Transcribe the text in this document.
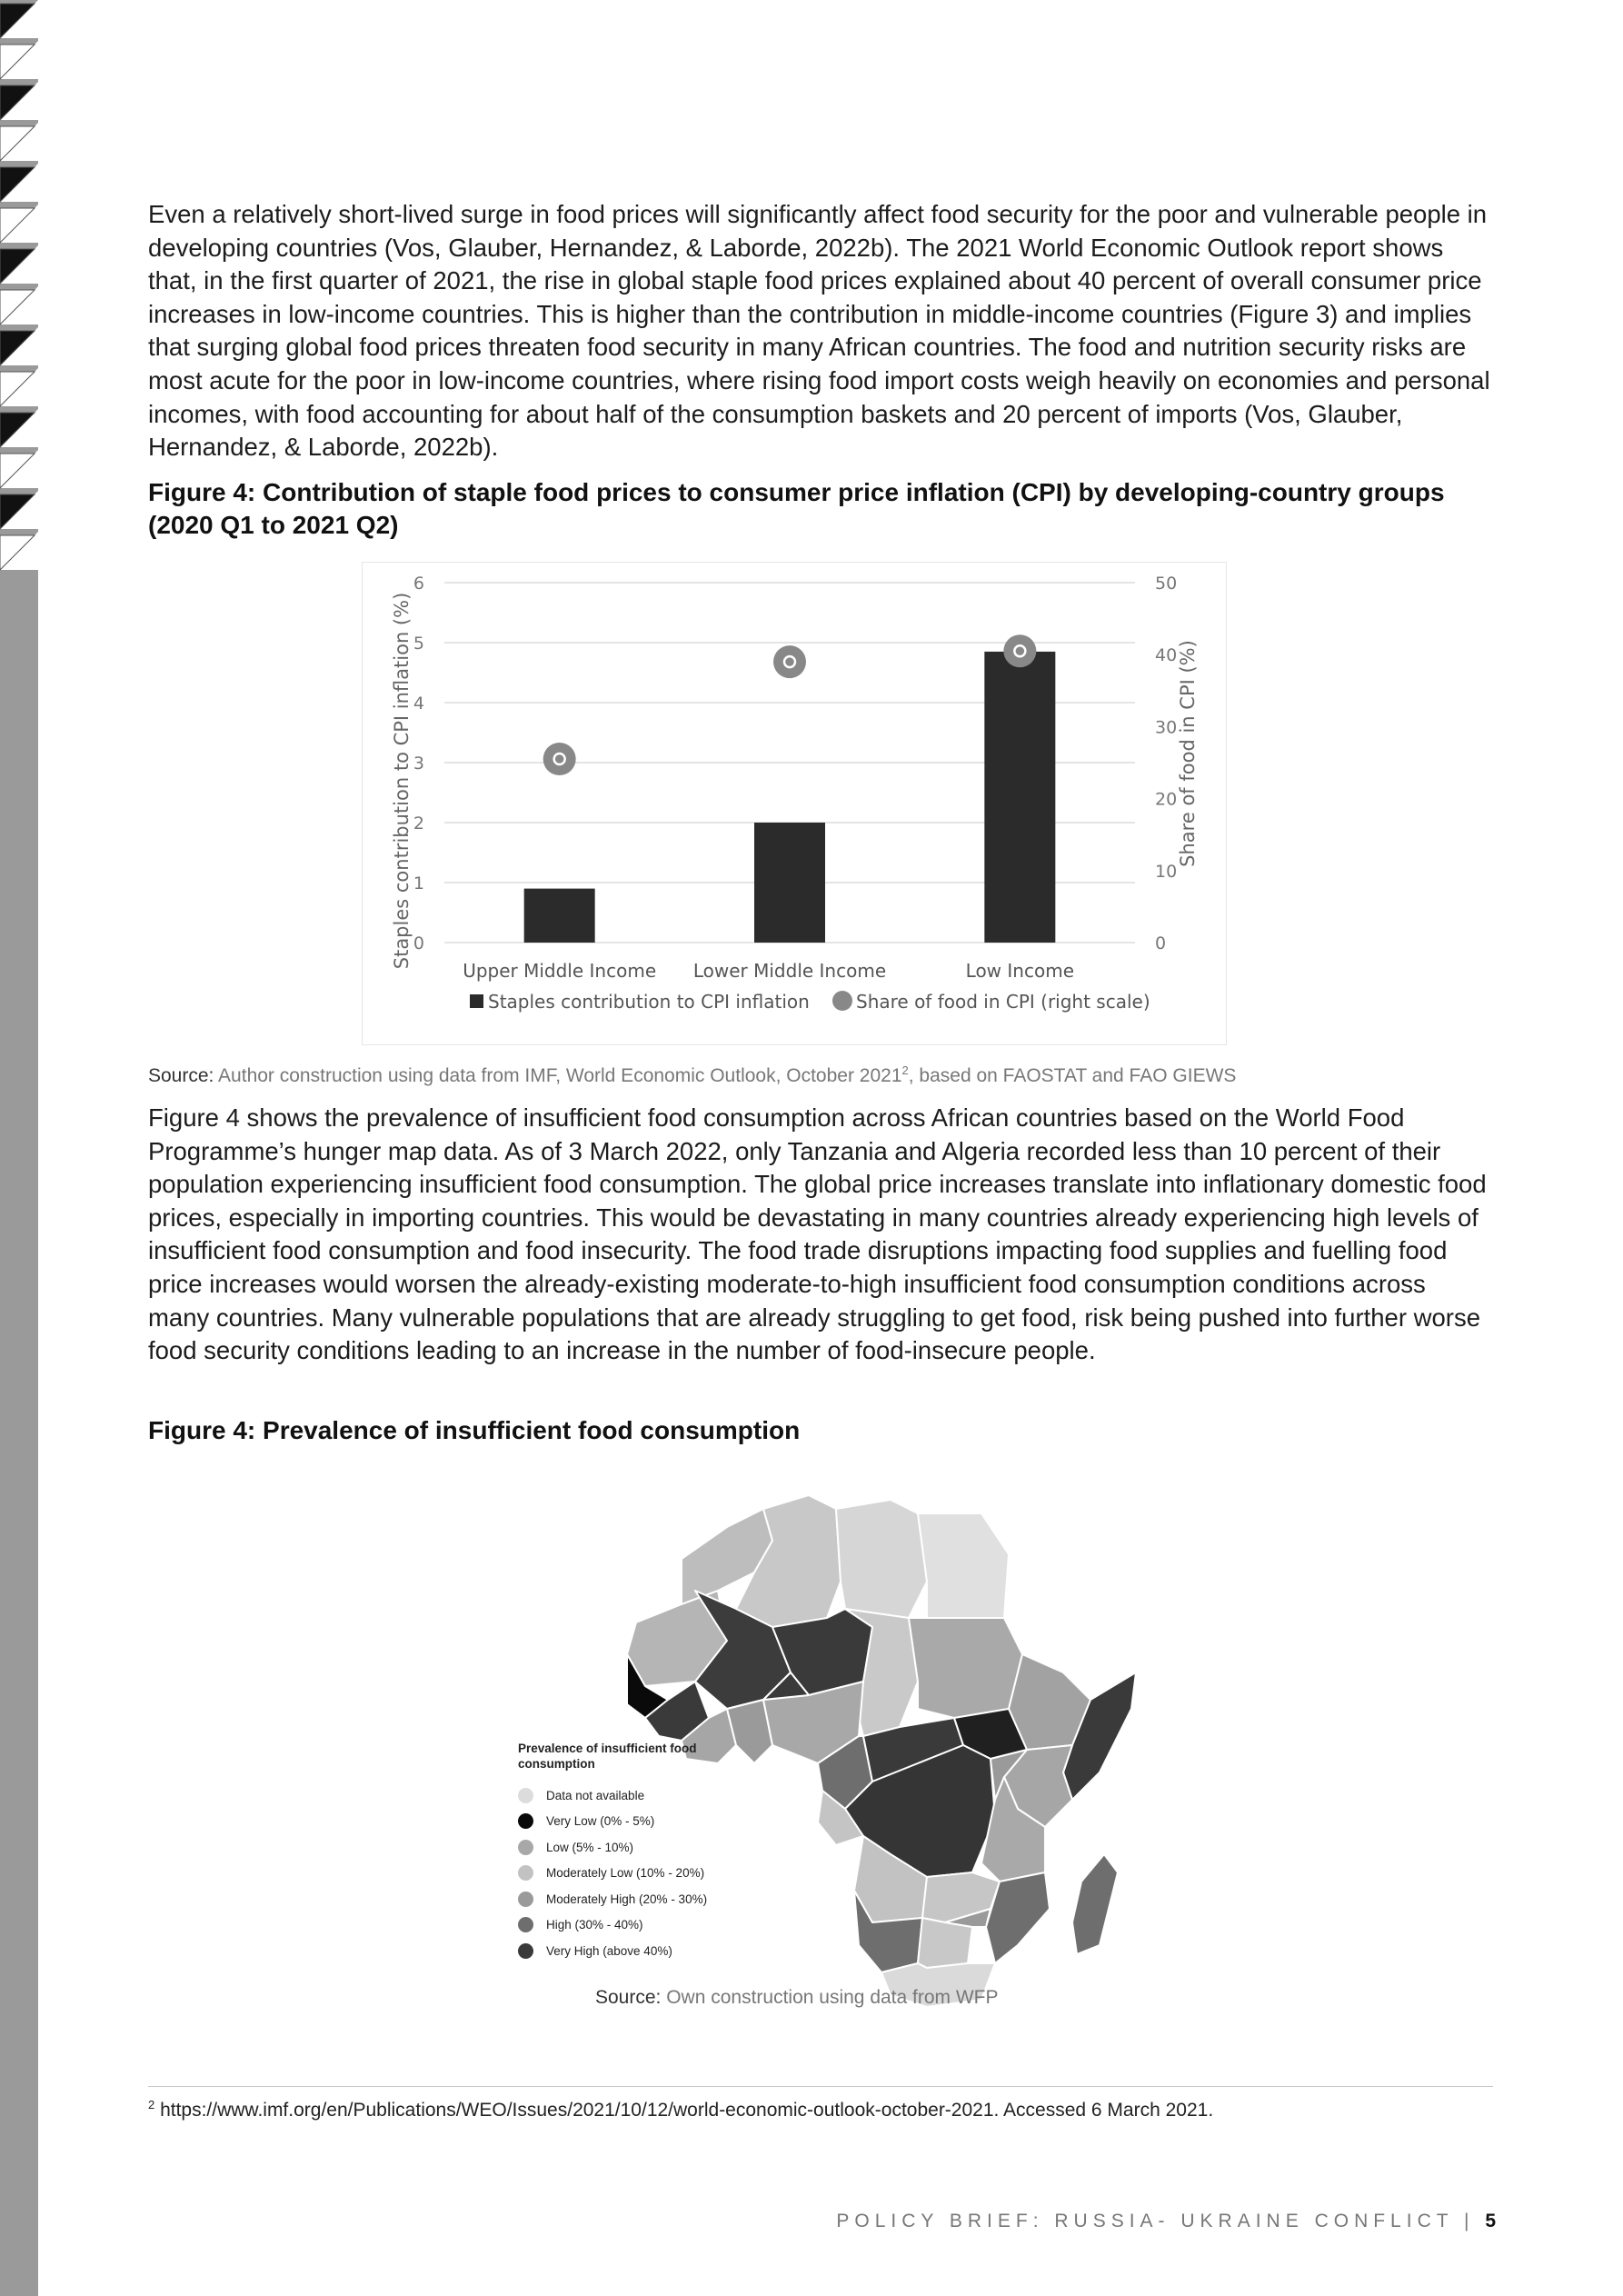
Even a relatively short-lived surge in food prices will significantly affect food security for the poor and vulnerable people in developing countries (Vos, Glauber, Hernandez, & Laborde, 2022b). The 2021 World Economic Outlook report shows that, in the first quarter of 2021, the rise in global staple food prices explained about 40 percent of overall consumer price increases in low-income countries. This is higher than the contribution in middle-income countries (Figure 3) and implies that surging global food prices threaten food security in many African countries. The food and nutrition security risks are most acute for the poor in low-income countries, where rising food import costs weigh heavily on economies and personal incomes, with food accounting for about half of the consumption baskets and 20 percent of imports (Vos, Glauber, Hernandez, & Laborde, 2022b).

Figure 4: Contribution of staple food prices to consumer price inflation (CPI) by developing-country groups (2020 Q1 to 2021 Q2)

0
1
2
3
4
5
6
0
10
20
30
40
50
Staples contribution to CPI inflation (%)	Share of food in CPI (%)
Upper Middle Income Lower Middle Income	Low Income
Staples contribution to CPI inflation	Share of food in CPI (right scale)

Source: Author construction using data from IMF, World Economic Outlook, October 2021$^2$, based on FAOSTAT and FAO GIEWS

Figure 4 shows the prevalence of insufficient food consumption across African countries based on the World Food Programme’s hunger map data. As of 3 March 2022, only Tanzania and Algeria recorded less than 10 percent of their population experiencing insufficient food consumption. The global price increases translate into inflationary domestic food prices, especially in importing countries. This would be devastating in many countries already experiencing high levels of insufficient food consumption and food insecurity. The food trade disruptions impacting food supplies and fuelling food price increases would worsen the already-existing moderate-to-high insufficient food consumption conditions across many countries. Many vulnerable populations that are already struggling to get food, risk being pushed into further worse food security conditions leading to an increase in the number of food-insecure people.

Figure 4: Prevalence of insufficient food consumption

Prevalence of insufficient food
consumption
Data not available
Very Low (0% - 5%)
Low (5% - 10%)
Moderately Low (10% - 20%)
Moderately High (20% - 30%)
High (30% - 40%)
Very High (above 40%)

Source: Own construction using data from WFP

$^2$ https://www.imf.org/en/Publications/WEO/Issues/2021/10/12/world-economic-outlook-october-2021. Accessed 6 March 2021.

POLICY BRIEF: RUSSIA- UKRAINE CONFLICT | 5
